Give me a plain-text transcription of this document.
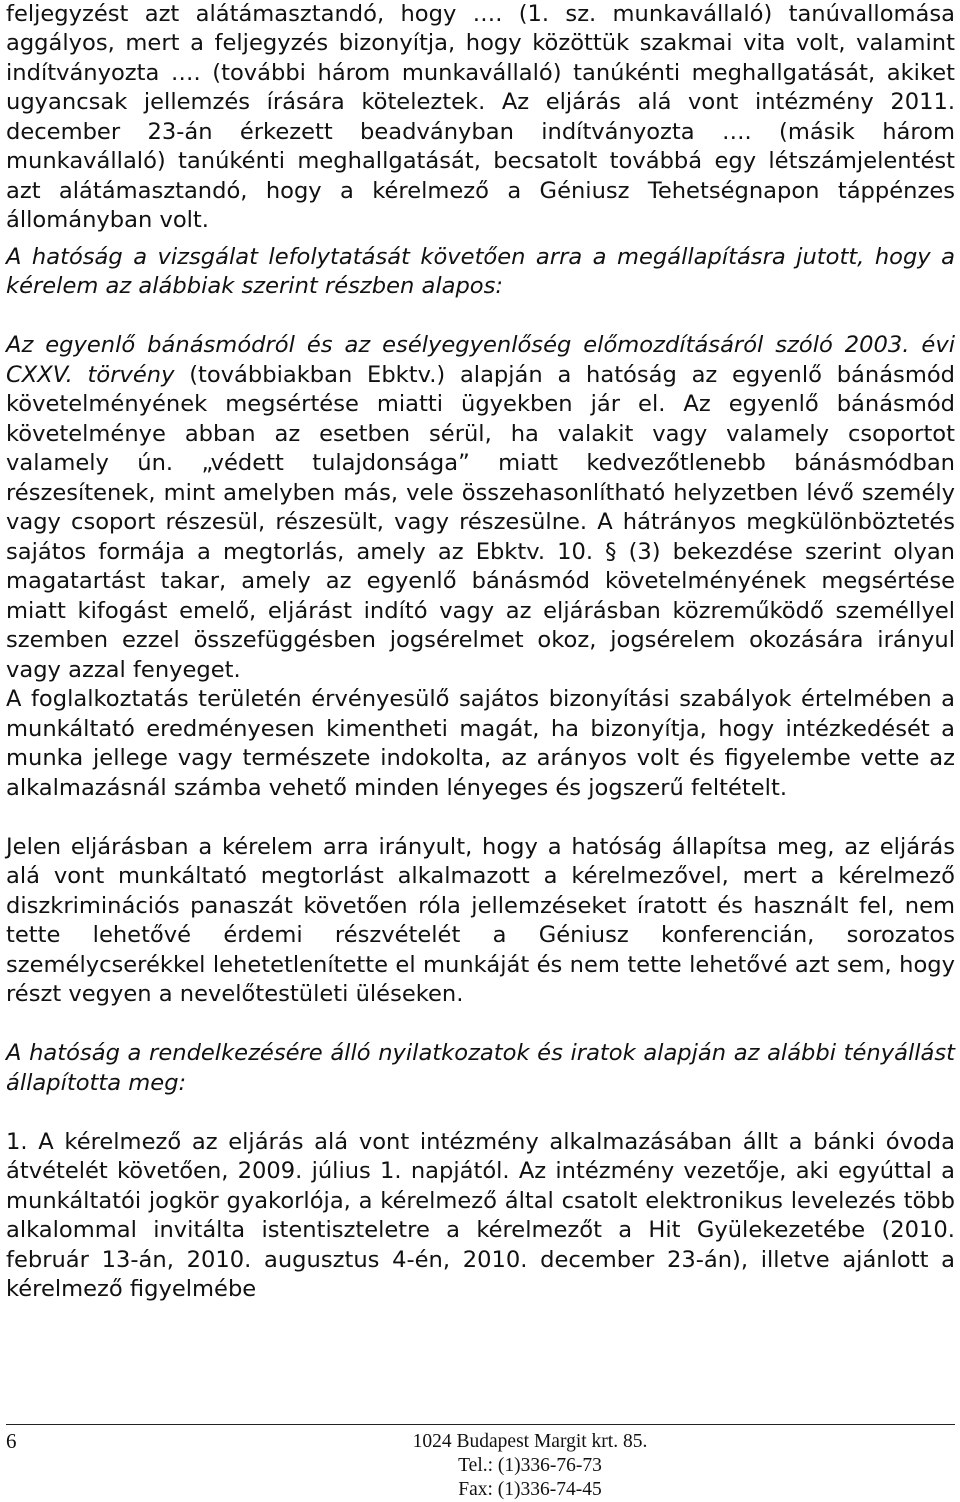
feljegyzést azt alátámasztandó, hogy …. (1. sz. munkavállaló) tanúvallomása aggályos, mert a feljegyzés bizonyítja, hogy közöttük szakmai vita volt, valamint indítványozta …. (további három munkavállaló) tanúkénti meghallgatását, akiket ugyancsak jellemzés írására köteleztek. Az eljárás alá vont intézmény 2011. december 23-án érkezett beadványban indítványozta …. (másik három munkavállaló) tanúkénti meghallgatását, becsatolt továbbá egy létszámjelentést azt alátámasztandó, hogy a kérelmező a Géniusz Tehetségnapon táppénzes állományban volt.

A hatóság a vizsgálat lefolytatását követően arra a megállapításra jutott, hogy a kérelem az alábbiak szerint részben alapos:

Az egyenlő bánásmódról és az esélyegyenlőség előmozdításáról szóló 2003. évi CXXV. törvény (továbbiakban Ebktv.) alapján a hatóság az egyenlő bánásmód követelményének megsértése miatti ügyekben jár el. Az egyenlő bánásmód követelménye abban az esetben sérül, ha valakit vagy valamely csoportot valamely ún. „védett tulajdonsága” miatt kedvezőtlenebb bánásmódban részesítenek, mint amelyben más, vele összehasonlítható helyzetben lévő személy vagy csoport részesül, részesült, vagy részesülne. A hátrányos megkülönböztetés sajátos formája a megtorlás, amely az Ebktv. 10. § (3) bekezdése szerint olyan magatartást takar, amely az egyenlő bánásmód követelményének megsértése miatt kifogást emelő, eljárást indító vagy az eljárásban közreműködő személlyel szemben ezzel összefüggésben jogsérelmet okoz, jogsérelem okozására irányul vagy azzal fenyeget.

A foglalkoztatás területén érvényesülő sajátos bizonyítási szabályok értelmében a munkáltató eredményesen kimentheti magát, ha bizonyítja, hogy intézkedését a munka jellege vagy természete indokolta, az arányos volt és figyelembe vette az alkalmazásnál számba vehető minden lényeges és jogszerű feltételt.

Jelen eljárásban a kérelem arra irányult, hogy a hatóság állapítsa meg, az eljárás alá vont munkáltató megtorlást alkalmazott a kérelmezővel, mert a kérelmező diszkriminációs panaszát követően róla jellemzéseket íratott és használt fel, nem tette lehetővé érdemi részvételét a Géniusz konferencián, sorozatos személycserékkel lehetetlenítette el munkáját és nem tette lehetővé azt sem, hogy részt vegyen a nevelőtestületi üléseken.

A hatóság a rendelkezésére álló nyilatkozatok és iratok alapján az alábbi tényállást állapította meg:

1. A kérelmező az eljárás alá vont intézmény alkalmazásában állt a bánki óvoda átvételét követően, 2009. július 1. napjától. Az intézmény vezetője, aki egyúttal a munkáltatói jogkör gyakorlója, a kérelmező által csatolt elektronikus levelezés több alkalommal invitálta istentiszteletre a kérelmezőt a Hit Gyülekezetébe (2010. február 13-án, 2010. augusztus 4-én, 2010. december 23-án), illetve ajánlott a kérelmező figyelmébe

6	1024 Budapest Margit krt. 85.
Tel.: (1)336-76-73
Fax: (1)336-74-45
